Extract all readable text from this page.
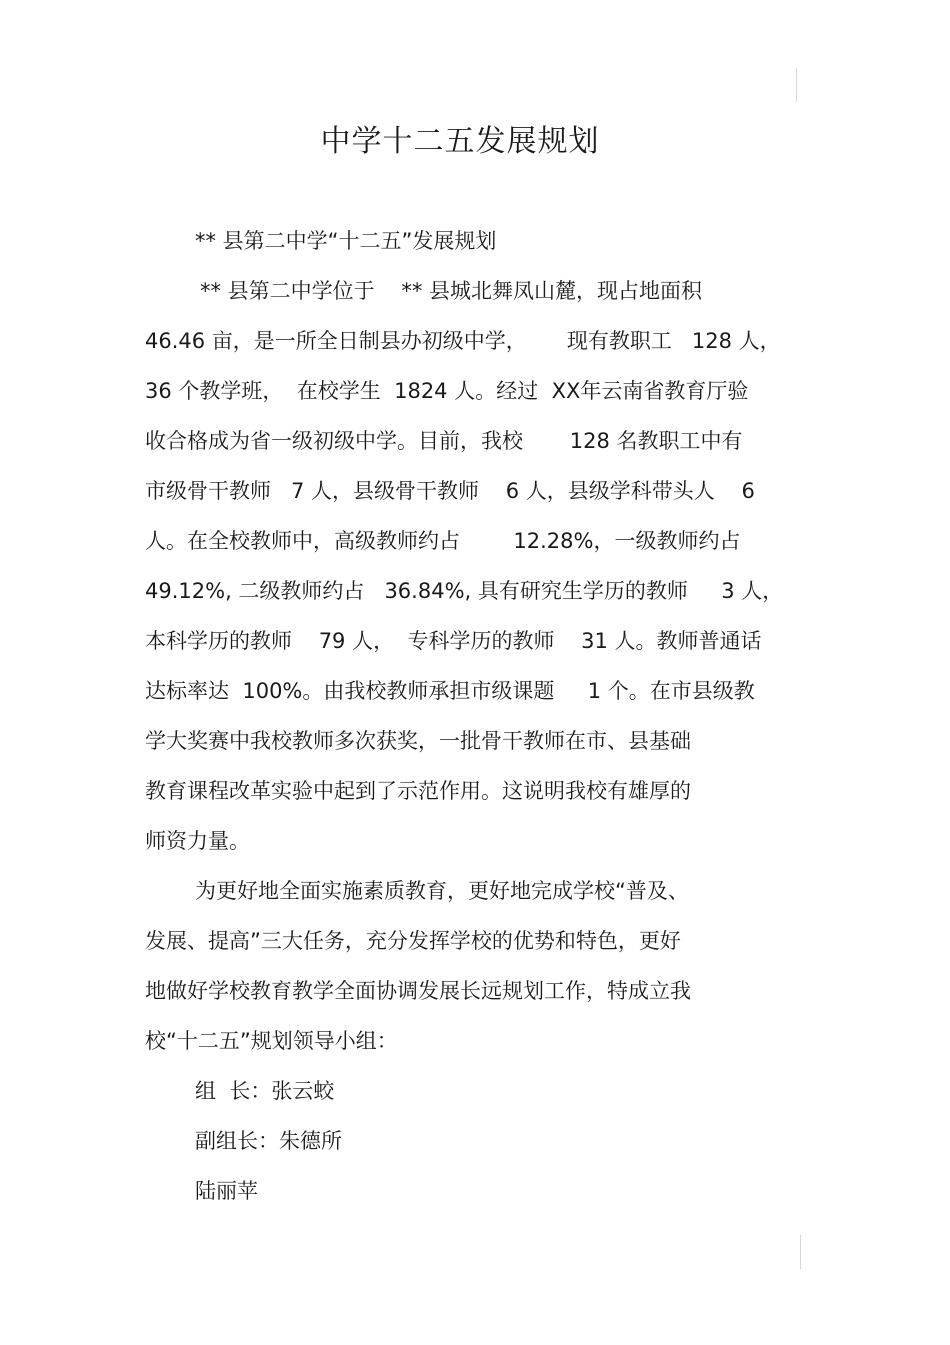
中学十二五发展规划
** 县第二中学“十二五”发展规划
** 县第二中学位于    ** 县城北舞凤山麓，现占地面积
46.46 亩，是一所全日制县办初级中学，      现有教职工   128 人，
36 个教学班，  在校学生  1824 人。经过  XX年云南省教育厅验
收合格成为省一级初级中学。目前，我校       128 名教职工中有
市级骨干教师   7 人，县级骨干教师    6 人，县级学科带头人    6
人。在全校教师中，高级教师约占        12.28%，一级教师约占
49.12%, 二级教师约占   36.84%, 具有研究生学历的教师     3 人，
本科学历的教师    79 人，  专科学历的教师    31 人。教师普通话
达标率达  100%。由我校教师承担市级课题     1 个。在市县级教
学大奖赛中我校教师多次获奖，一批骨干教师在市、县基础
教育课程改革实验中起到了示范作用。这说明我校有雄厚的
师资力量。
为更好地全面实施素质教育，更好地完成学校“普及、
发展、提高”三大任务，充分发挥学校的优势和特色，更好
地做好学校教育教学全面协调发展长远规划工作，特成立我
校“十二五”规划领导小组：
组  长：张云蛟
副组长：朱德所
陆丽苹
